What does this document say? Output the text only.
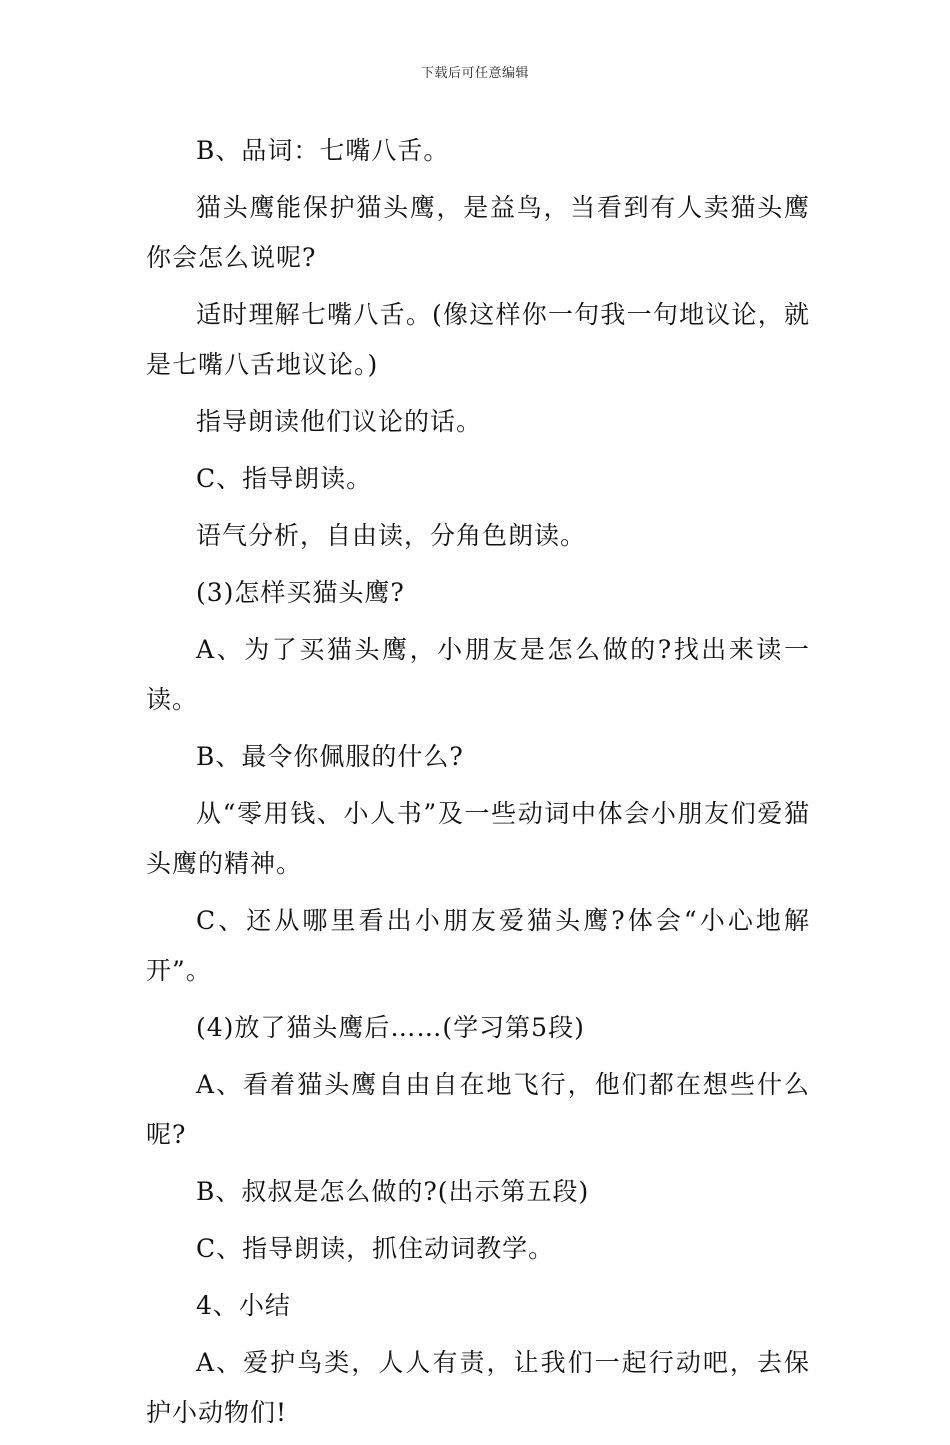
下载后可任意编辑

B、品词：七嘴八舌。

猫头鹰能保护猫头鹰，是益鸟，当看到有人卖猫头鹰你会怎么说呢?

适时理解七嘴八舌。(像这样你一句我一句地议论，就是七嘴八舌地议论。)

指导朗读他们议论的话。

C、指导朗读。

语气分析，自由读，分角色朗读。

(3)怎样买猫头鹰?

A、为了买猫头鹰，小朋友是怎么做的?找出来读一读。

B、最令你佩服的什么?

从“零用钱、小人书”及一些动词中体会小朋友们爱猫头鹰的精神。

C、还从哪里看出小朋友爱猫头鹰?体会“小心地解开”。

(4)放了猫头鹰后……(学习第5段)

A、看着猫头鹰自由自在地飞行，他们都在想些什么呢?

B、叔叔是怎么做的?(出示第五段)

C、指导朗读，抓住动词教学。

4、小结

A、爱护鸟类，人人有责，让我们一起行动吧，去保护小动物们!
